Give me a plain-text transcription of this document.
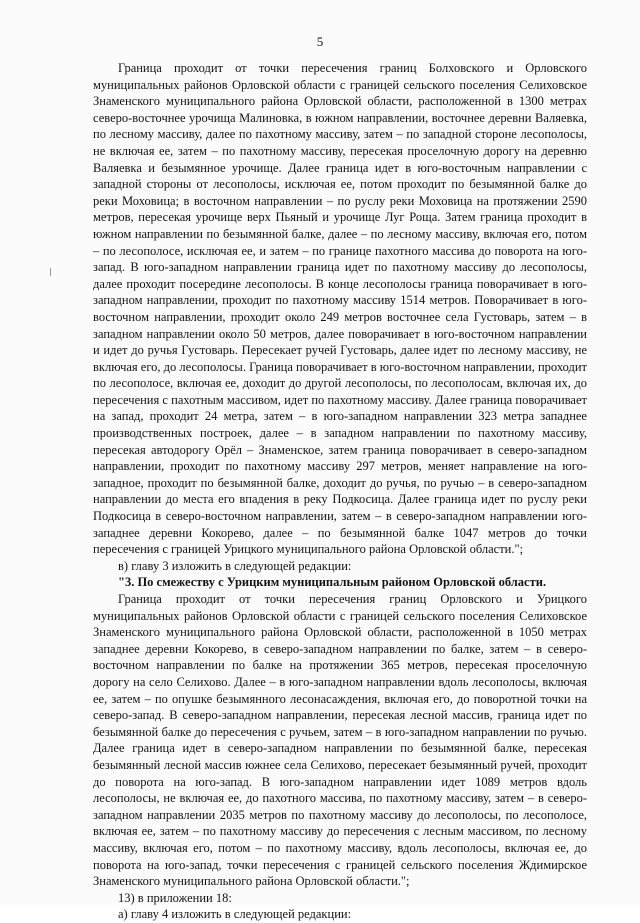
5

Граница проходит от точки пересечения границ Болховского и Орловского муниципальных районов Орловской области с границей сельского поселения Селиховское Знаменского муниципального района Орловской области, расположенной в 1300 метрах северо-восточнее урочища Малиновка, в южном направлении, восточнее деревни Валяевка, по лесному массиву, далее по пахотному массиву, затем – по западной стороне лесополосы, не включая ее, затем – по пахотному массиву, пересекая проселочную дорогу на деревню Валяевка и безымянное урочище. Далее граница идет в юго-восточным направлении с западной стороны от лесополосы, исключая ее, потом проходит по безымянной балке до реки Моховица; в восточном направлении – по руслу реки Моховица на протяжении 2590 метров, пересекая урочище верх Пьяный и урочище Луг Роща. Затем граница проходит в южном направлении по безымянной балке, далее – по лесному массиву, включая его, потом – по лесополосе, исключая ее, и затем – по границе пахотного массива до поворота на юго-запад. В юго-западном направлении граница идет по пахотному массиву до лесополосы, далее проходит посередине лесополосы. В конце лесополосы граница поворачивает в юго-западном направлении, проходит по пахотному массиву 1514 метров. Поворачивает в юго-восточном направлении, проходит около 249 метров восточнее села Густоварь, затем – в западном направлении около 50 метров, далее поворачивает в юго-восточном направлении и идет до ручья Густоварь. Пересекает ручей Густоварь, далее идет по лесному массиву, не включая его, до лесополосы. Граница поворачивает в юго-восточном направлении, проходит по лесополосе, включая ее, доходит до другой лесополосы, по лесополосам, включая их, до пересечения с пахотным массивом, идет по пахотному массиву. Далее граница поворачивает на запад, проходит 24 метра, затем – в юго-западном направлении 323 метра западнее производственных построек, далее – в западном направлении по пахотному массиву, пересекая автодорогу Орёл – Знаменское, затем граница поворачивает в северо-западном направлении, проходит по пахотному массиву 297 метров, меняет направление на юго-западное, проходит по безымянной балке, доходит до ручья, по ручью – в северо-западном направлении до места его впадения в реку Подкосица. Далее граница идет по руслу реки Подкосица в северо-восточном направлении, затем – в северо-западном направлении юго-западнее деревни Кокорево, далее – по безымянной балке 1047 метров до точки пересечения с границей Урицкого муниципального района Орловской области.";

в) главу 3 изложить в следующей редакции:

"3. По смежеству с Урицким муниципальным районом Орловской области.

Граница проходит от точки пересечения границ Орловского и Урицкого муниципальных районов Орловской области с границей сельского поселения Селиховское Знаменского муниципального района Орловской области, расположенной в 1050 метрах западнее деревни Кокорево, в северо-западном направлении по балке, затем – в северо-восточном направлении по балке на протяжении 365 метров, пересекая проселочную дорогу на село Селихово. Далее – в юго-западном направлении вдоль лесополосы, включая ее, затем – по опушке безымянного лесонасаждения, включая его, до поворотной точки на северо-запад. В северо-западном направлении, пересекая лесной массив, граница идет по безымянной балке до пересечения с ручьем, затем – в юго-западном направлении по ручью. Далее граница идет в северо-западном направлении по безымянной балке, пересекая безымянный лесной массив южнее села Селихово, пересекает безымянный ручей, проходит до поворота на юго-запад. В юго-западном направлении идет 1089 метров вдоль лесополосы, не включая ее, до пахотного массива, по пахотному массиву, затем – в северо-западном направлении 2035 метров по пахотному массиву до лесополосы, по лесополосе, включая ее, затем – по пахотному массиву до пересечения с лесным массивом, по лесному массиву, включая его, потом – по пахотному массиву, вдоль лесополосы, включая ее, до поворота на юго-запад, точки пересечения с границей сельского поселения Ждимирское Знаменского муниципального района Орловской области.";

13) в приложении 18:

а) главу 4 изложить в следующей редакции:
